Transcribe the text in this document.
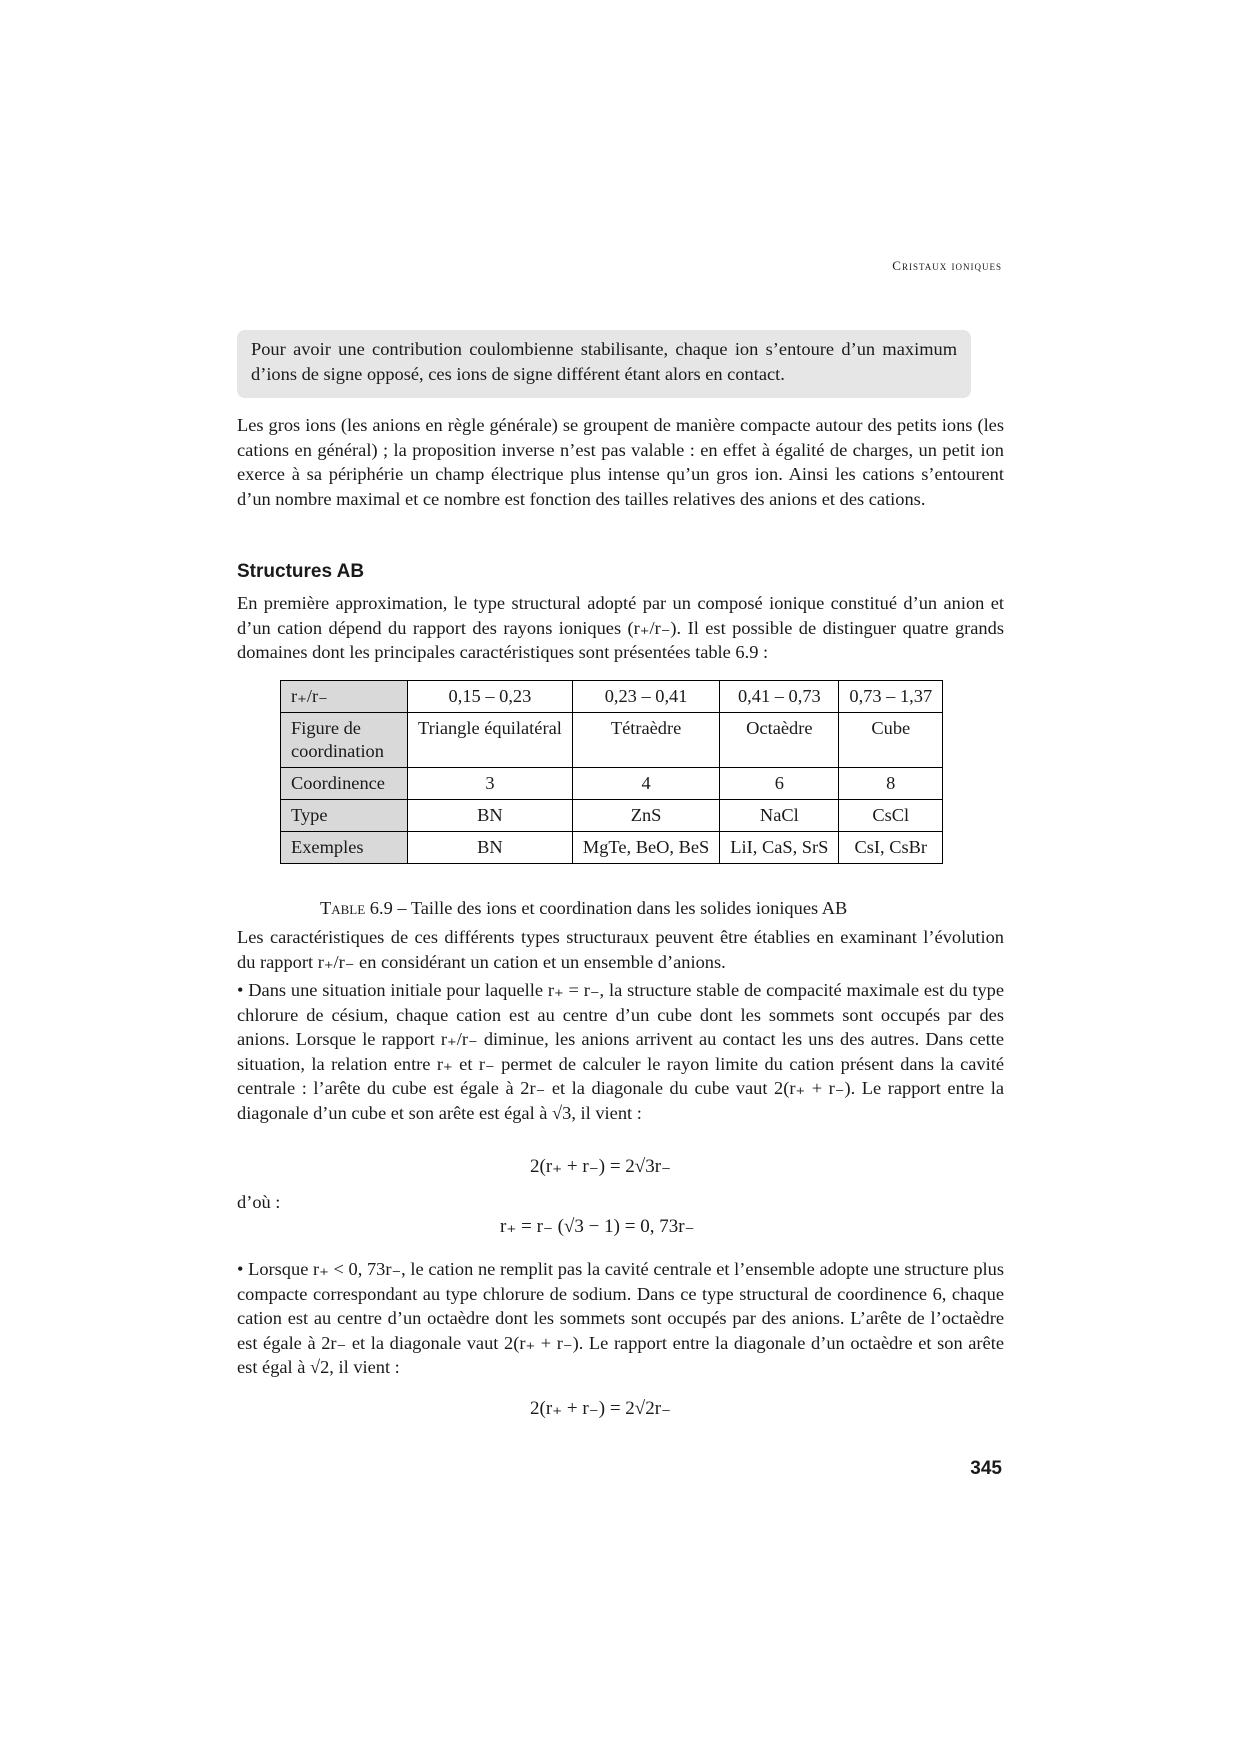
Cristaux ioniques
Pour avoir une contribution coulombienne stabilisante, chaque ion s’entoure d’un maximum d’ions de signe opposé, ces ions de signe différent étant alors en contact.

Les gros ions (les anions en règle générale) se groupent de manière compacte autour des petits ions (les cations en général) ; la proposition inverse n’est pas valable : en effet à égalité de charges, un petit ion exerce à sa périphérie un champ électrique plus intense qu’un gros ion. Ainsi les cations s’entourent d’un nombre maximal et ce nombre est fonction des tailles relatives des anions et des cations.

Structures AB

En première approximation, le type structural adopté par un composé ionique constitué d’un anion et d’un cation dépend du rapport des rayons ioniques (r₊/r₋). Il est possible de distinguer quatre grands domaines dont les principales caractéristiques sont présentées table 6.9 :

r₊/r₋	0,15 – 0,23	0,23 – 0,41	0,41 – 0,73	0,73 – 1,37
Figure de coordination	Triangle équilatéral	Tétraèdre	Octaèdre	Cube
Coordinence	3	4	6	8
Type	BN	ZnS	NaCl	CsCl
Exemples	BN	MgTe, BeO, BeS	LiI, CaS, SrS	CsI, CsBr
Table 6.9 – Taille des ions et coordination dans les solides ioniques AB

Les caractéristiques de ces différents types structuraux peuvent être établies en examinant l’évolution du rapport r₊/r₋ en considérant un cation et un ensemble d’anions.

• Dans une situation initiale pour laquelle r₊ = r₋, la structure stable de compacité maximale est du type chlorure de césium, chaque cation est au centre d’un cube dont les sommets sont occupés par des anions. Lorsque le rapport r₊/r₋ diminue, les anions arrivent au contact les uns des autres. Dans cette situation, la relation entre r₊ et r₋ permet de calculer le rayon limite du cation présent dans la cavité centrale : l’arête du cube est égale à 2r₋ et la diagonale du cube vaut 2(r₊ + r₋). Le rapport entre la diagonale d’un cube et son arête est égal à √3, il vient :

2(r₊ + r₋) = 2√3r₋
d’où :
r₊ = r₋ (√3 − 1) = 0, 73r₋

• Lorsque r₊ < 0, 73r₋, le cation ne remplit pas la cavité centrale et l’ensemble adopte une structure plus compacte correspondant au type chlorure de sodium. Dans ce type structural de coordinence 6, chaque cation est au centre d’un octaèdre dont les sommets sont occupés par des anions. L’arête de l’octaèdre est égale à 2r₋ et la diagonale vaut 2(r₊ + r₋). Le rapport entre la diagonale d’un octaèdre et son arête est égal à √2, il vient :

2(r₊ + r₋) = 2√2r₋
345
